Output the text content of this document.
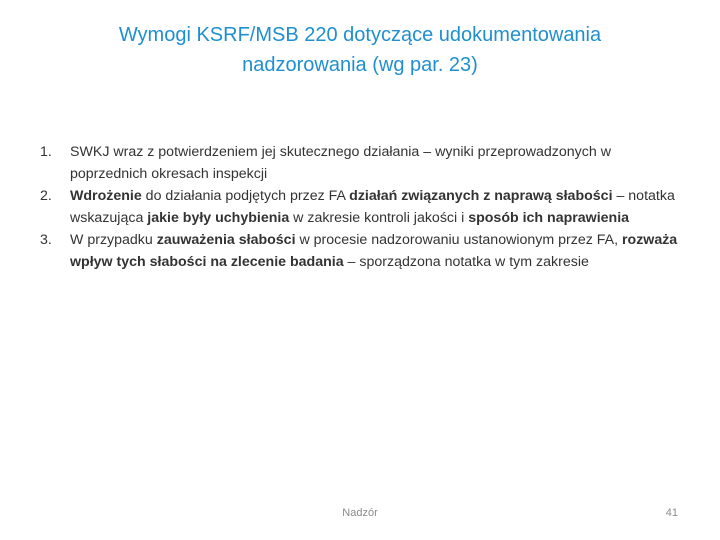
Wymogi KSRF/MSB 220 dotyczące udokumentowania
nadzorowania (wg par. 23)
1.	SWKJ wraz z potwierdzeniem jej skutecznego działania – wyniki przeprowadzonych w poprzednich okresach inspekcji
2.	Wdrożenie do działania podjętych przez FA działań związanych z naprawą słabości – notatka wskazująca jakie były uchybienia w zakresie kontroli jakości i sposób ich naprawienia
3.	W przypadku zauważenia słabości w procesie nadzorowaniu ustanowionym przez FA, rozważa wpływ tych słabości na zlecenie badania – sporządzona notatka w tym zakresie
Nadzór	41
